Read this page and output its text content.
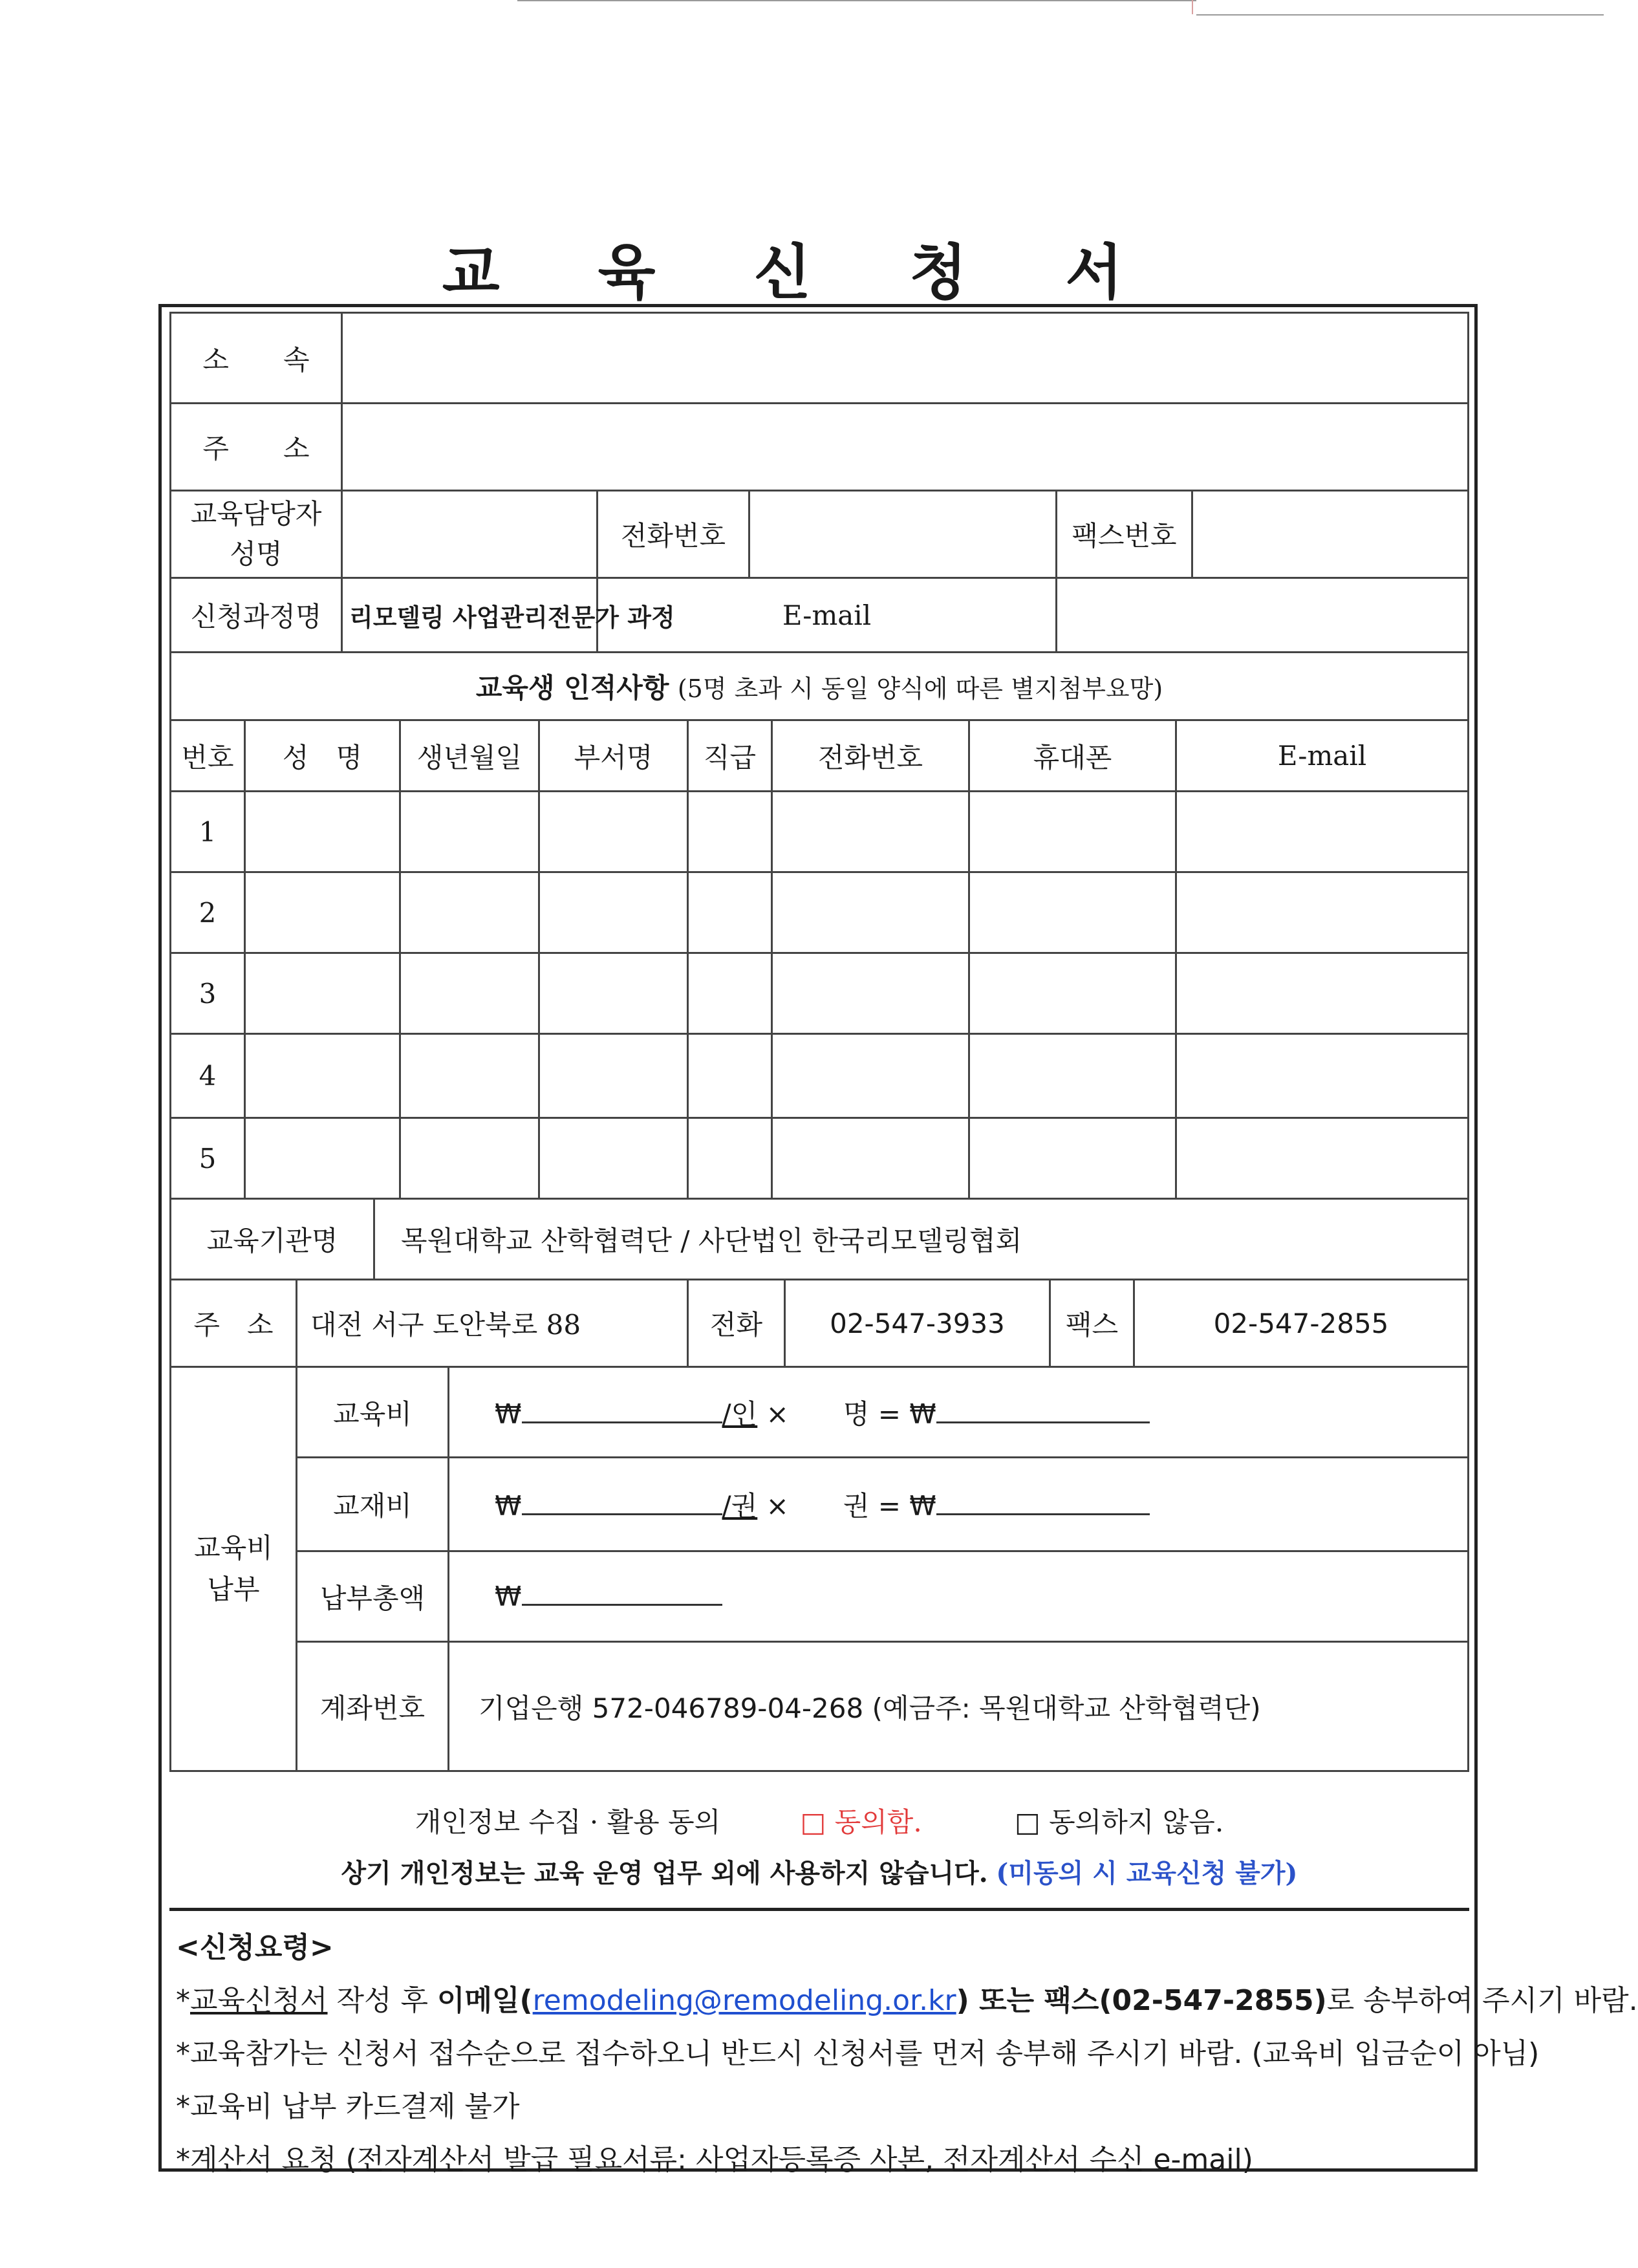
교 육 신 청 서
소　　속					
주　　소					
교육담당자
성명		전화번호		팩스번호	
신청과정명	리모델링 사업관리전문가 과정	E-mail			
교육생 인적사항 (5명 초과 시 동일 양식에 따른 별지첨부요망)							
번호	성　명	생년월일	부서명	직급	전화번호	휴대폰	E-mail
1							
2							
3							
4							
5							
교육기관명		목원대학교 산학협력단 / 사단법인 한국리모델링협회				
주　소	대전 서구 도안북로 88		전화	02-547-3933	팩스	02-547-2855
교육비
납부	교육비	₩ /인 ×　　명 = ₩
	교재비	₩ /권 ×　　권 = ₩
	납부총액	₩
	계좌번호	기업은행 572-046789-04-268 (예금주: 목원대학교 산학협력단)
개인정보 수집 · 활용 동의	□ 동의함.	□ 동의하지 않음.
상기 개인정보는 교육 운영 업무 외에 사용하지 않습니다. (미동의 시 교육신청 불가)
<신청요령>
*교육신청서 작성 후 이메일(remodeling@remodeling.or.kr) 또는 팩스(02-547-2855)로 송부하여 주시기 바람.
*교육참가는 신청서 접수순으로 접수하오니 반드시 신청서를 먼저 송부해 주시기 바람. (교육비 입금순이 아님)
*교육비 납부 카드결제 불가
*계산서 요청 (전자계산서 발급 필요서류: 사업자등록증 사본, 전자계산서 수신 e-mail)
